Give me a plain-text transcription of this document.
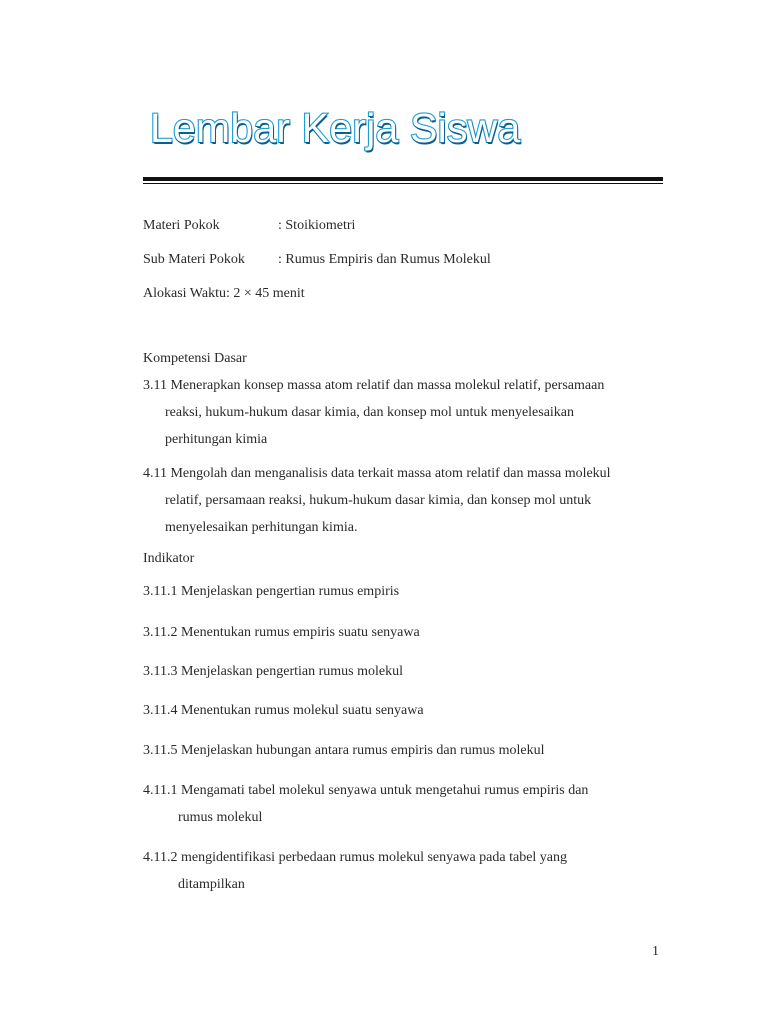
Lembar Kerja Siswa
Materi Pokok	: Stoikiometri
Sub Materi Pokok : Rumus Empiris dan Rumus Molekul
Alokasi Waktu: 2 × 45 menit
Kompetensi Dasar
3.11 Menerapkan konsep massa atom relatif dan massa molekul relatif, persamaan
reaksi, hukum-hukum dasar kimia, dan konsep mol untuk menyelesaikan
perhitungan kimia
4.11 Mengolah dan menganalisis data terkait massa atom relatif dan massa molekul
relatif, persamaan reaksi, hukum-hukum dasar kimia, dan konsep mol untuk
menyelesaikan perhitungan kimia.
Indikator
3.11.1 Menjelaskan pengertian rumus empiris
3.11.2 Menentukan rumus empiris suatu senyawa
3.11.3 Menjelaskan pengertian rumus molekul
3.11.4 Menentukan rumus molekul suatu senyawa
3.11.5 Menjelaskan hubungan antara rumus empiris dan rumus molekul
4.11.1 Mengamati tabel molekul senyawa untuk mengetahui rumus empiris dan
rumus molekul
4.11.2 mengidentifikasi perbedaan rumus molekul senyawa pada tabel yang
ditampilkan
1
